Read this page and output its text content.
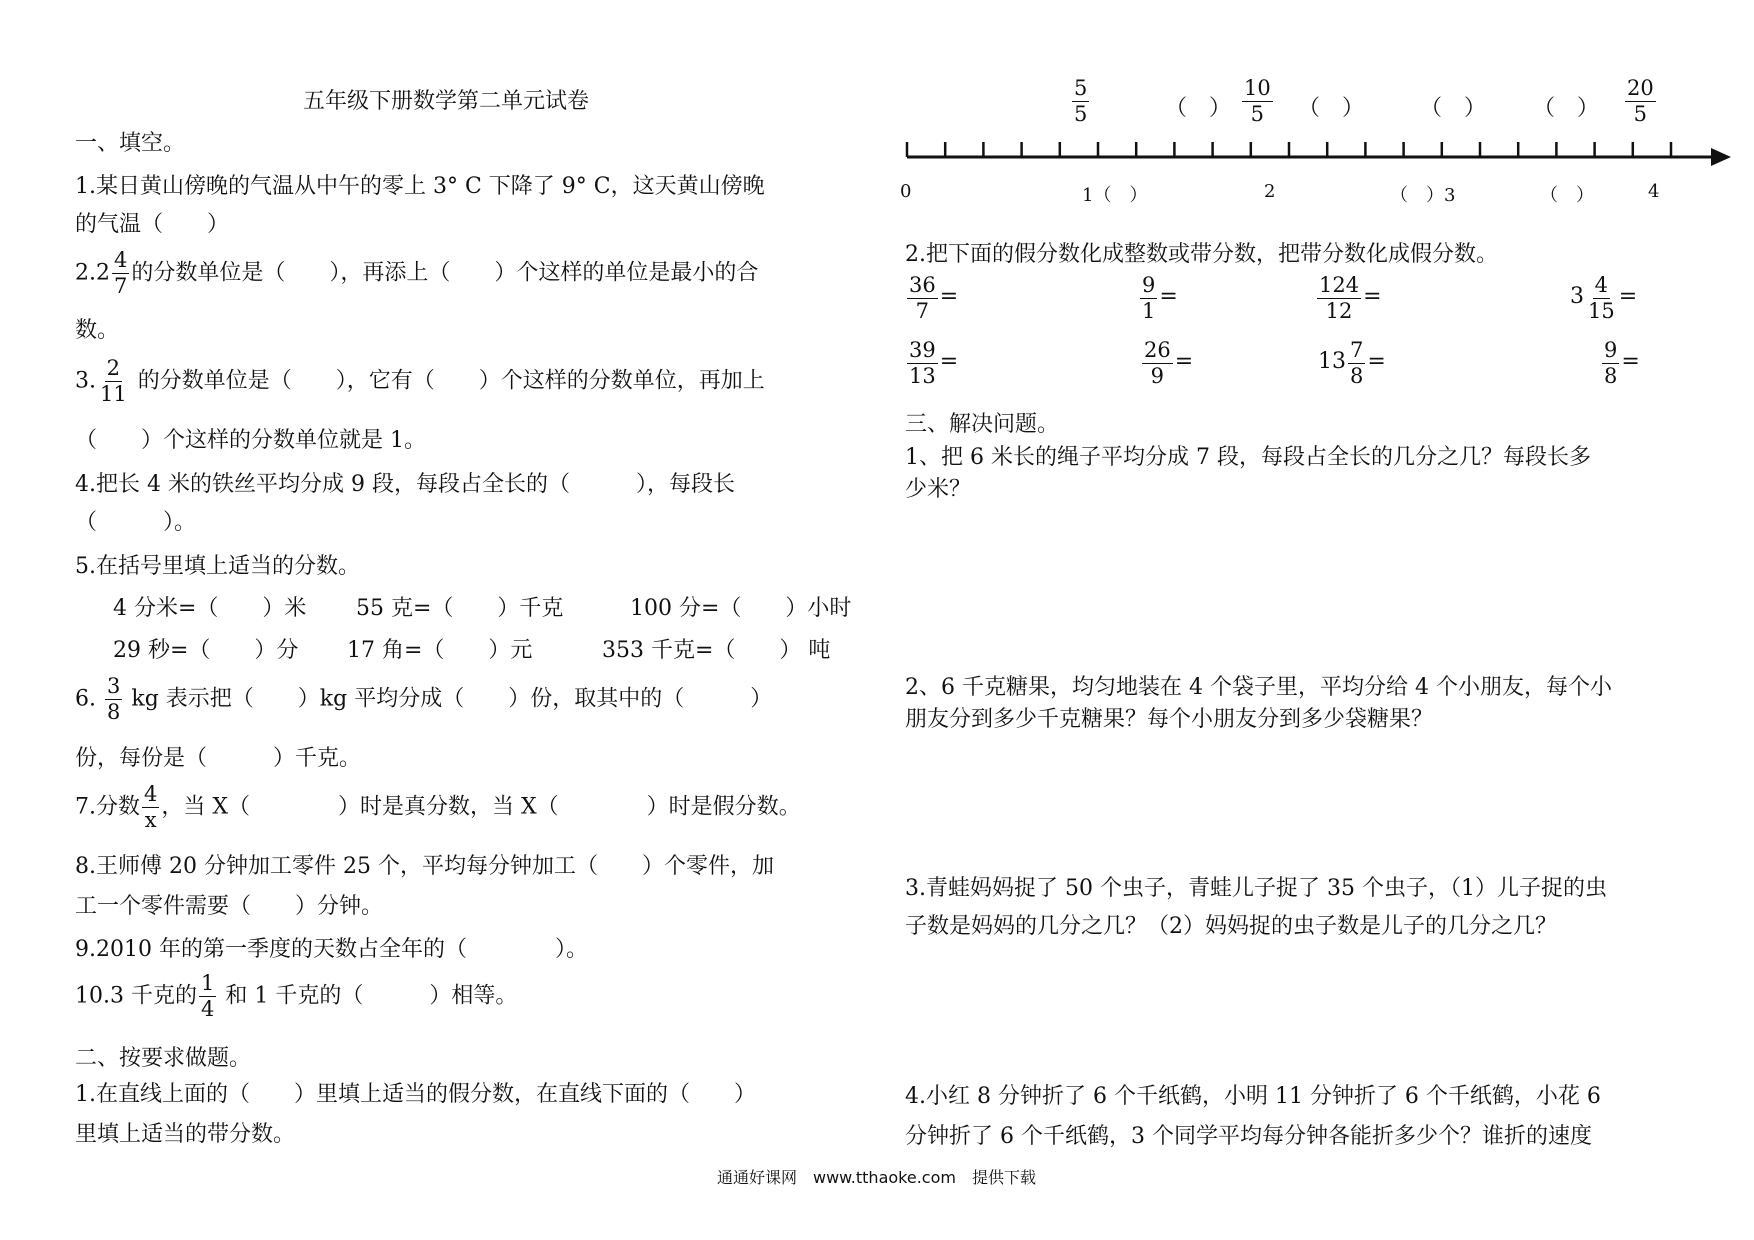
五年级下册数学第二单元试卷
一、填空。
1.某日黄山傍晚的气温从中午的零上 3° C 下降了 9° C，这天黄山傍晚
的气温（　　）
$2.2 \frac{4}{7}$ 的分数单位是（　　），再添上（　　）个这样的单位是最小的合
数。
3. $\frac{2}{11}$ 的分数单位是（　　），它有（　　）个这样的分数单位，再加上
（　　）个这样的分数单位就是 1。
4.把长 4 米的铁丝平均分成 9 段，每段占全长的（　　　），每段长
（　　　）。
5.在括号里填上适当的分数。
4 分米=（　　）米 55 克=（　　）千克	100 分=（　　）小时
29 秒=（　　）分 17 角=（　　）元	353 千克=（　　） 吨
6. $\frac{3}{8}$ kg 表示把（　　）kg 平均分成（　　）份，取其中的（　　　）
份，每份是（　　　）千克。
7.分数 $\frac{4}{x}$ ，当 X（　　　　）时是真分数，当 X（　　　　）时是假分数。
8.王师傅 20 分钟加工零件 25 个，平均每分钟加工（　　）个零件，加
工一个零件需要（　　）分钟。
9.2010 年的第一季度的天数占全年的（　　　　）。
10.3 千克的 $\frac{1}{4}$ 和 1 千克的（　　　）相等。
二、按要求做题。
1.在直线上面的（　　）里填上适当的假分数，在直线下面的（　　）
里填上适当的带分数。
$\frac{5}{5}$	（　） $\frac{10}{5}$ （　）	（　） （　） $\frac{20}{5}$
0	1（　）	2	（　）3	（　）	4
2.把下面的假分数化成整数或带分数，把带分数化成假分数。
$\frac{36}{7}$ =	$\frac{9}{1}$ =	$\frac{124}{12}$ =	$3 \frac{4}{15}$ =
$\frac{39}{13}$ =	$\frac{26}{9}$ =	$13 \frac{7}{8}$ =	$\frac{9}{8}$ =
三、解决问题。
1、把 6 米长的绳子平均分成 7 段，每段占全长的几分之几？每段长多
少米？
2、6 千克糖果，均匀地装在 4 个袋子里，平均分给 4 个小朋友，每个小
朋友分到多少千克糖果？每个小朋友分到多少袋糖果？
3.青蛙妈妈捉了 50 个虫子，青蛙儿子捉了 35 个虫子，（1）儿子捉的虫
子数是妈妈的几分之几？（2）妈妈捉的虫子数是儿子的几分之几？
4.小红 8 分钟折了 6 个千纸鹤，小明 11 分钟折了 6 个千纸鹤，小花 6
分钟折了 6 个千纸鹤，3 个同学平均每分钟各能折多少个？谁折的速度
通通好课网　www.tthaoke.com　提供下载
